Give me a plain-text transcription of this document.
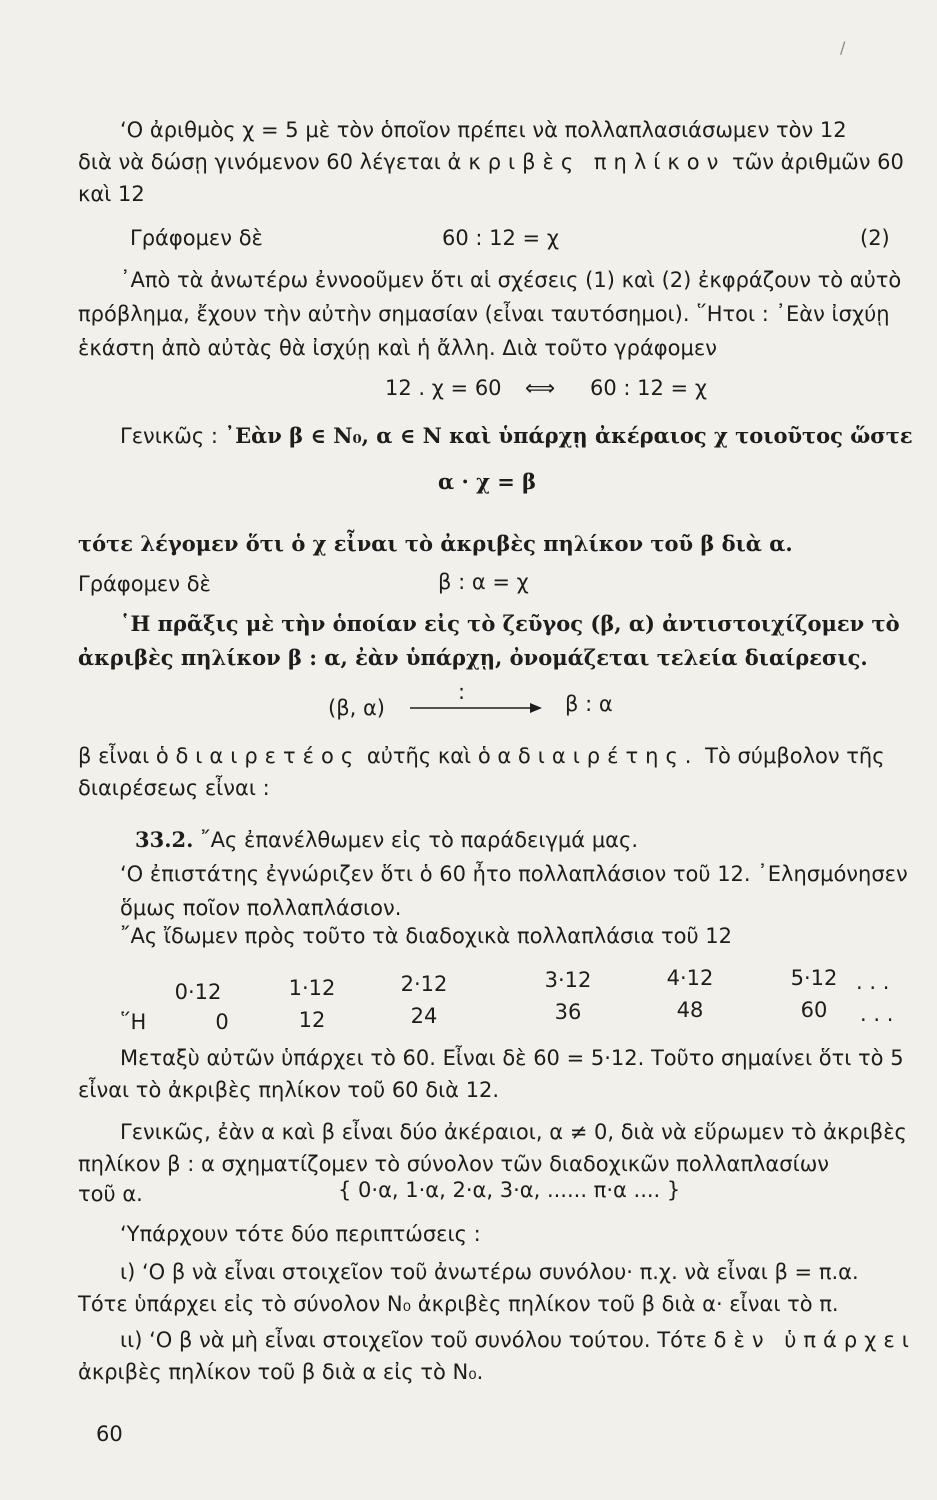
‘Ο ἀριθμὸς χ = 5 μὲ τὸν ὁποῖον πρέπει νὰ πολλαπλασιάσωμεν τὸν 12
διὰ νὰ δώσῃ γινόμενον 60 λέγεται ἀκριβὲς πηλίκον τῶν ἀριθμῶν 60
καὶ 12
Γράφομεν δὲ	60 : 12 = χ	(2)
᾿Απὸ τὰ ἀνωτέρω ἐννοοῦμεν ὅτι αἱ σχέσεις (1) καὶ (2) ἐκφράζουν τὸ αὐτὸ
πρόβλημα, ἔχουν τὴν αὐτὴν σημασίαν (εἶναι ταυτόσημοι). ῞Ητοι : ᾿Εὰν ἰσχύῃ
ἑκάστη ἀπὸ αὐτὰς θὰ ἰσχύῃ καὶ ἡ ἄλλη. Διὰ τοῦτο γράφομεν
12 . χ = 60 ⟺ 60 : 12 = χ
Γενικῶς : ᾿Εὰν β ∈ N₀, α ∈ N καὶ ὑπάρχῃ ἀκέραιος χ τοιοῦτος ὥστε
α · χ = β
τότε λέγομεν ὅτι ὁ χ εἶναι τὸ ἀκριβὲς πηλίκον τοῦ β διὰ α.
Γράφομεν δὲ	β : α = χ
῾Η πρᾶξις μὲ τὴν ὁποίαν εἰς τὸ ζεῦγος (β, α) ἀντιστοιχίζομεν τὸ
ἀκριβὲς πηλίκον β : α, ἐὰν ὑπάρχῃ, ὀνομάζεται τελεία διαίρεσις.
(β, α)
:	β : α
β εἶναι ὁ διαιρετέος αὐτῆς καὶ ὁ α διαιρέτης. Τὸ σύμβολον τῆς
διαιρέσεως εἶναι :
33.2. ῎Ας ἐπανέλθωμεν εἰς τὸ παράδειγμά μας.
‘Ο ἐπιστάτης ἐγνώριζεν ὅτι ὁ 60 ἦτο πολλαπλάσιον τοῦ 12. ᾿Ελησμόνησεν
ὅμως ποῖον πολλαπλάσιον.
῎Ας ἴδωμεν πρὸς τοῦτο τὰ διαδοχικὰ πολλαπλάσια τοῦ 12
0·12	1·12	2·12	3·12	4·12	5·12 . . .
῞Η	0	12	24	36	48	60	. . .
Μεταξὺ αὐτῶν ὑπάρχει τὸ 60. Εἶναι δὲ 60 = 5·12. Τοῦτο σημαίνει ὅτι τὸ 5
εἶναι τὸ ἀκριβὲς πηλίκον τοῦ 60 διὰ 12.
Γενικῶς, ἐὰν α καὶ β εἶναι δύο ἀκέραιοι, α ≠ 0, διὰ νὰ εὕρωμεν τὸ ἀκριβὲς
πηλίκον β : α σχηματίζομεν τὸ σύνολον τῶν διαδοχικῶν πολλαπλασίων
τοῦ α.	{ 0·α, 1·α, 2·α, 3·α, ...... π·α .... }
‘Υπάρχουν τότε δύο περιπτώσεις :
ι) ‘Ο β νὰ εἶναι στοιχεῖον τοῦ ἀνωτέρω συνόλου· π.χ. νὰ εἶναι β = π.α.
Τότε ὑπάρχει εἰς τὸ σύνολον N₀ ἀκριβὲς πηλίκον τοῦ β διὰ α· εἶναι τὸ π.
ιι) ‘Ο β νὰ μὴ εἶναι στοιχεῖον τοῦ συνόλου τούτου. Τότε δὲν ὑπάρχει
ἀκριβὲς πηλίκον τοῦ β διὰ α εἰς τὸ N₀.
60
/
